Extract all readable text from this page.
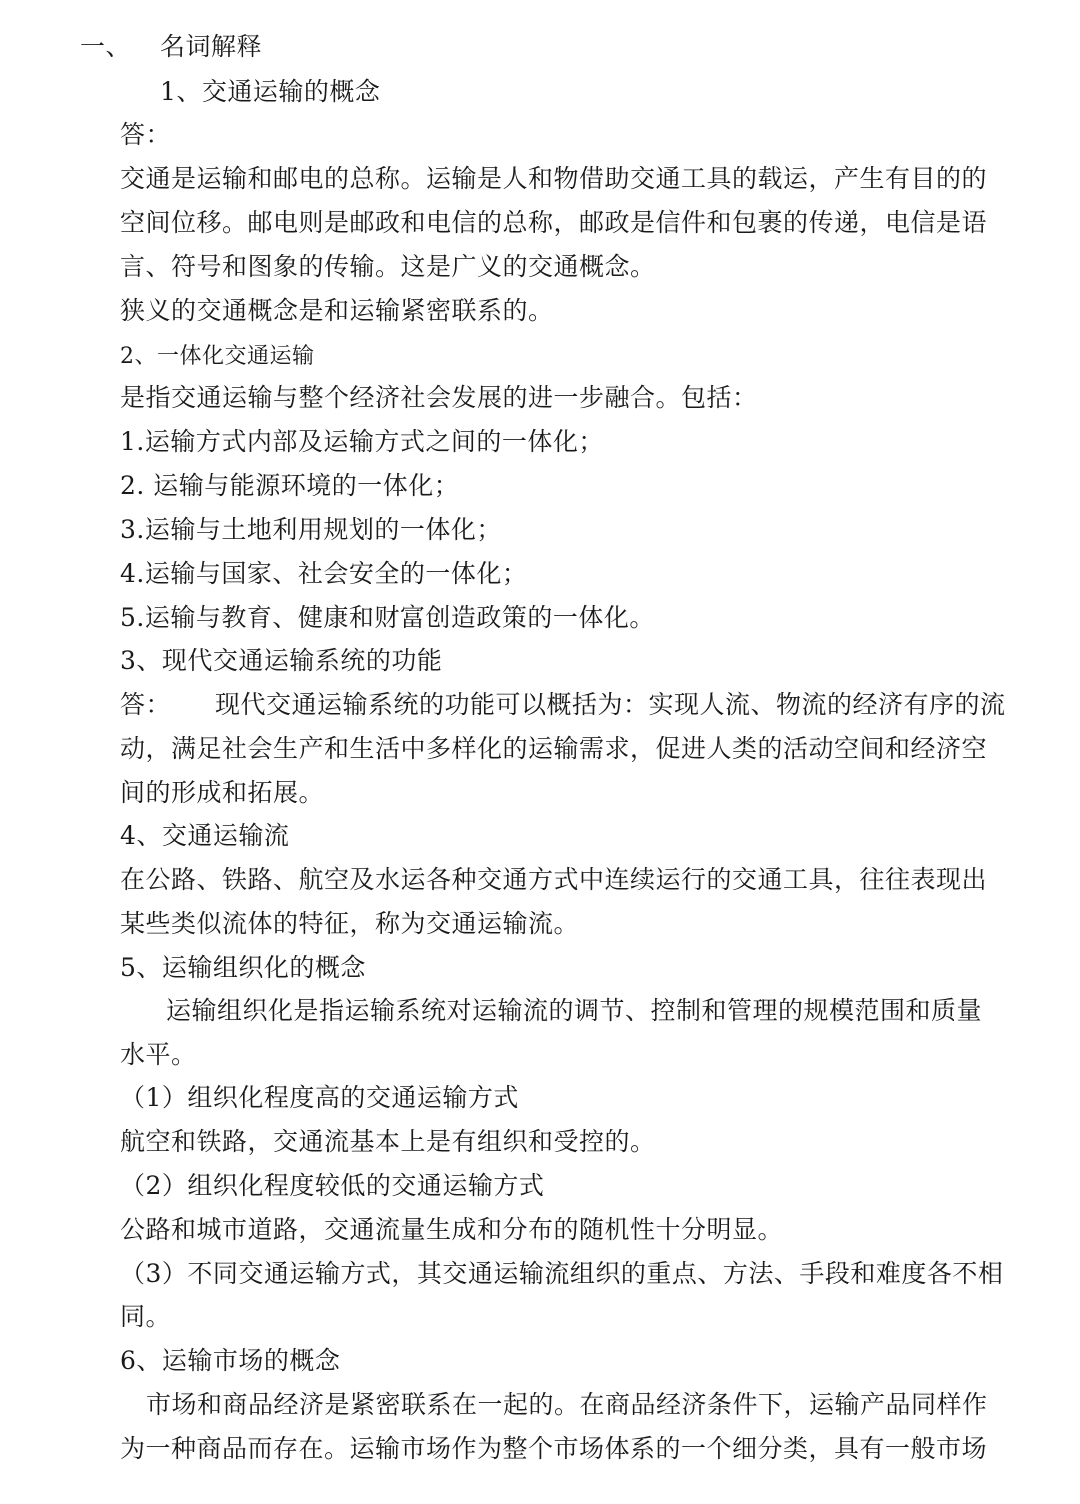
一、 名词解释
1、交通运输的概念
答：
交通是运输和邮电的总称。运输是人和物借助交通工具的载运，产生有目的的
空间位移。邮电则是邮政和电信的总称，邮政是信件和包裹的传递，电信是语
言、符号和图象的传输。这是广义的交通概念。
狭义的交通概念是和运输紧密联系的。
2、一体化交通运输
是指交通运输与整个经济社会发展的进一步融合。包括：
1.运输方式内部及运输方式之间的一体化；
2. 运输与能源环境的一体化；
3.运输与土地利用规划的一体化；
4.运输与国家、社会安全的一体化；
5.运输与教育、健康和财富创造政策的一体化。
3、现代交通运输系统的功能
答： 现代交通运输系统的功能可以概括为：实现人流、物流的经济有序的流
动，满足社会生产和生活中多样化的运输需求，促进人类的活动空间和经济空
间的形成和拓展。
4、交通运输流
在公路、铁路、航空及水运各种交通方式中连续运行的交通工具，往往表现出
某些类似流体的特征，称为交通运输流。
5、运输组织化的概念
运输组织化是指运输系统对运输流的调节、控制和管理的规模范围和质量
水平。
（1）组织化程度高的交通运输方式
航空和铁路，交通流基本上是有组织和受控的。
（2）组织化程度较低的交通运输方式
公路和城市道路，交通流量生成和分布的随机性十分明显。
（3）不同交通运输方式，其交通运输流组织的重点、方法、手段和难度各不相
同。
6、运输市场的概念
市场和商品经济是紧密联系在一起的。在商品经济条件下，运输产品同样作
为一种商品而存在。运输市场作为整个市场体系的一个细分类，具有一般市场
